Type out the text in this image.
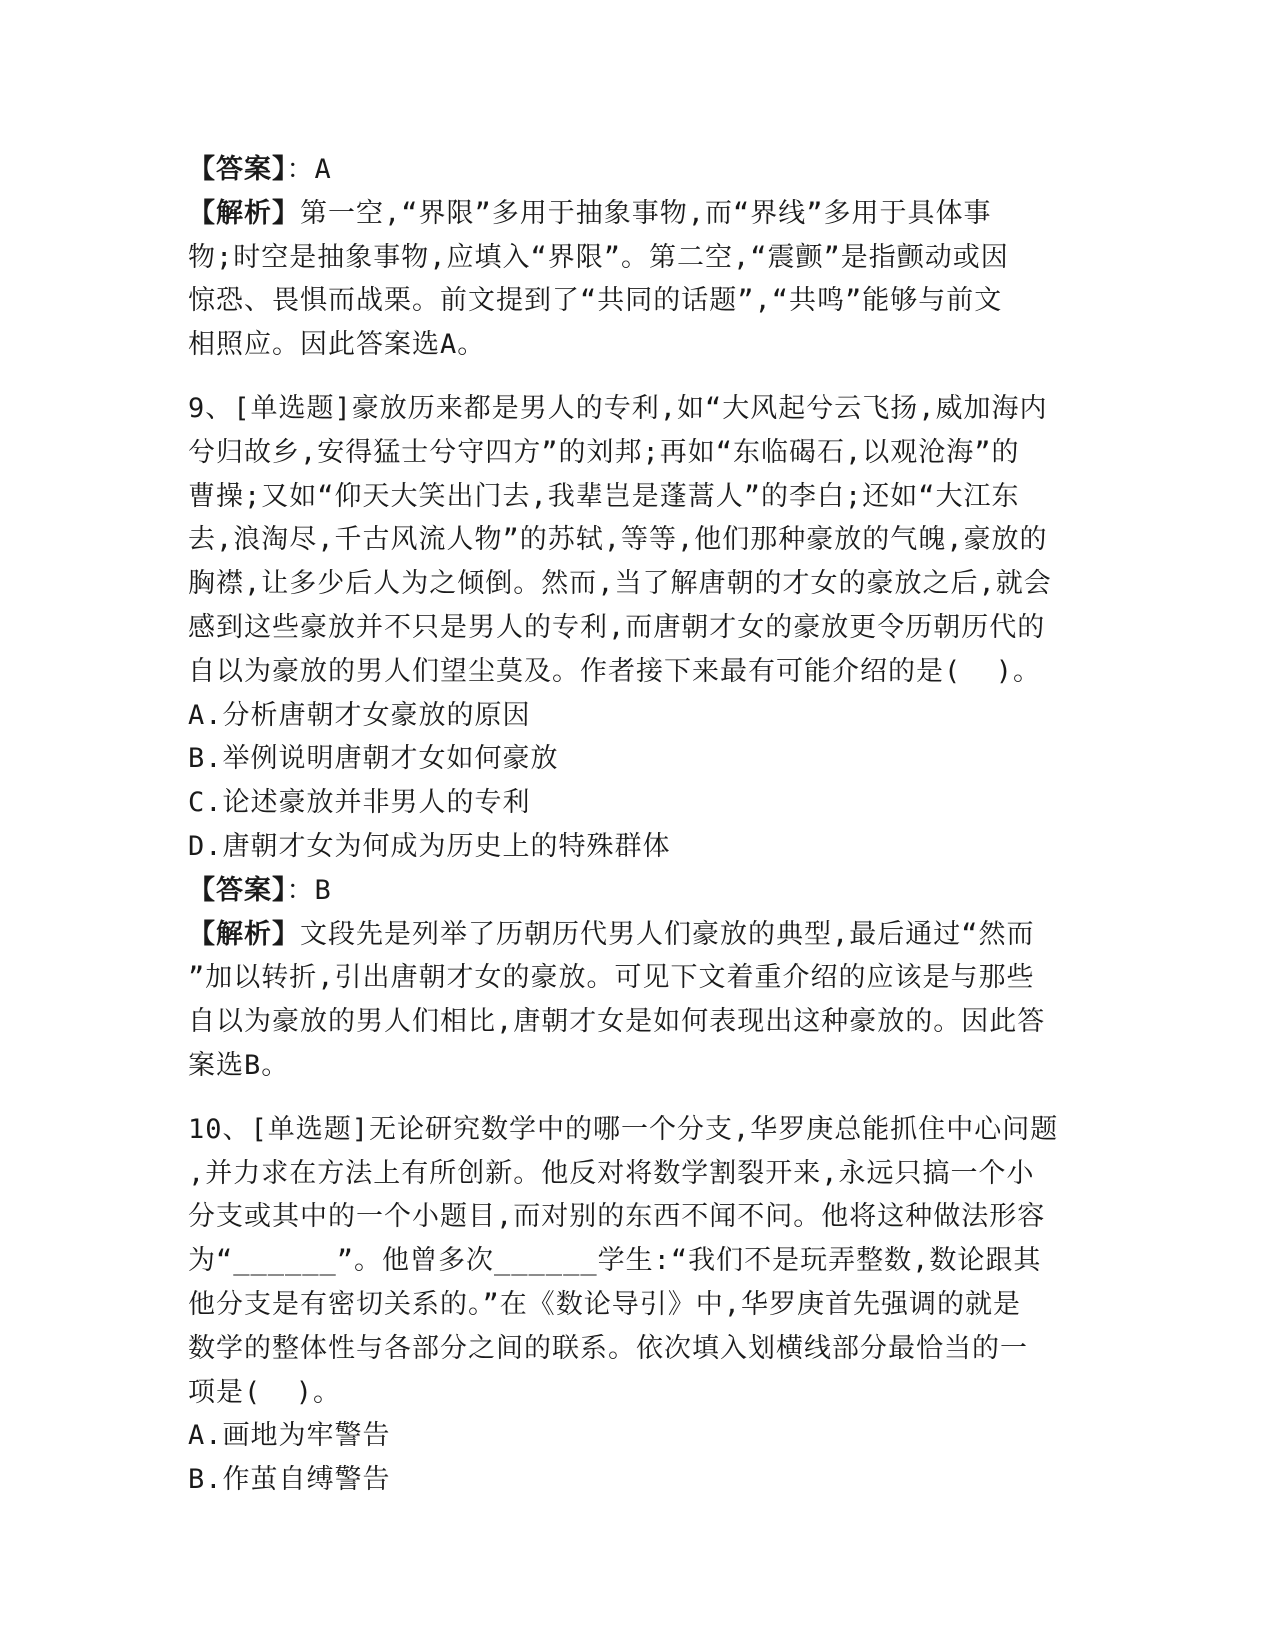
【答案】：A
【解析】第一空,“界限”多用于抽象事物,而“界线”多用于具体事
物;时空是抽象事物,应填入“界限”。第二空,“震颤”是指颤动或因
惊恐、畏惧而战栗。前文提到了“共同的话题”,“共鸣”能够与前文
相照应。因此答案选A。
9、[单选题]豪放历来都是男人的专利,如“大风起兮云飞扬,威加海内
兮归故乡,安得猛士兮守四方”的刘邦;再如“东临碣石,以观沧海”的
曹操;又如“仰天大笑出门去,我辈岂是蓬蒿人”的李白;还如“大江东
去,浪淘尽,千古风流人物”的苏轼,等等,他们那种豪放的气魄,豪放的
胸襟,让多少后人为之倾倒。然而,当了解唐朝的才女的豪放之后,就会
感到这些豪放并不只是男人的专利,而唐朝才女的豪放更令历朝历代的
自以为豪放的男人们望尘莫及。作者接下来最有可能介绍的是(  )。
A.分析唐朝才女豪放的原因
B.举例说明唐朝才女如何豪放
C.论述豪放并非男人的专利
D.唐朝才女为何成为历史上的特殊群体
【答案】：B
【解析】文段先是列举了历朝历代男人们豪放的典型,最后通过“然而
”加以转折,引出唐朝才女的豪放。可见下文着重介绍的应该是与那些
自以为豪放的男人们相比,唐朝才女是如何表现出这种豪放的。因此答
案选B。
10、[单选题]无论研究数学中的哪一个分支,华罗庚总能抓住中心问题
,并力求在方法上有所创新。他反对将数学割裂开来,永远只搞一个小
分支或其中的一个小题目,而对别的东西不闻不问。他将这种做法形容
为“______”。他曾多次______学生:“我们不是玩弄整数,数论跟其
他分支是有密切关系的。”在《数论导引》中,华罗庚首先强调的就是
数学的整体性与各部分之间的联系。依次填入划横线部分最恰当的一
项是(  )。
A.画地为牢警告
B.作茧自缚警告
